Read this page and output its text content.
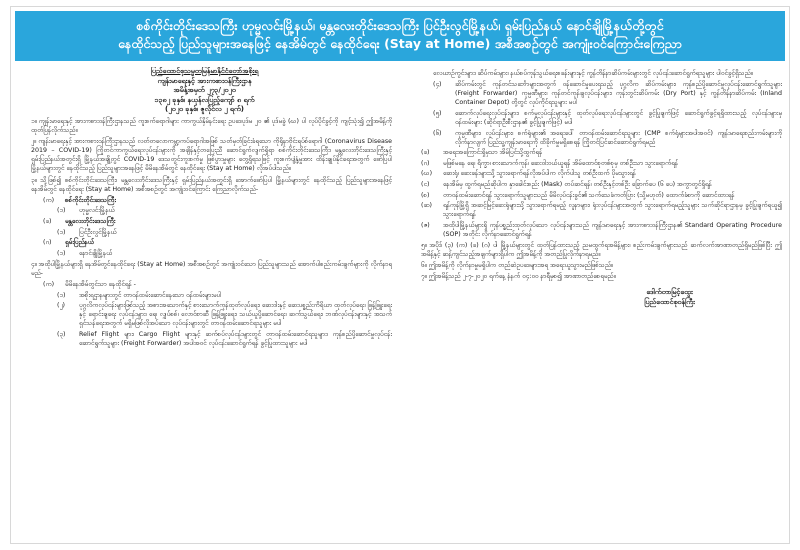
စစ်ကိုင်းတိုင်းဒေသကြီး ဟုမ္မလင်းမြို့နယ်၊ မန္တလေးတိုင်းဒေသကြီး ပြင်ဦးလွင်မြို့နယ်၊ ရှမ်းပြည်နယ် နောင်ချိုမြို့နယ်တို့တွင်
နေထိုင်သည့် ပြည်သူများအနေဖြင့် နေအိမ်တွင် နေထိုင်ရေး (Stay at Home) အစီအစဉ်တွင် အကျုံးဝင်ကြောင်းကြေညာ
ပြည်ထောင်စုသမ္မတမြန်မာနိုင်ငံတော်အစိုးရ
ကျန်းမာရေးနှင့် အားကစားဝန်ကြီးဌာန
အမိန့်အမှတ် ၂၇၃/၂၀၂၀
၁၃၈၂ ခုနှစ်၊ နယုန်လပြည့်ကျော် ၈ ရက်
(၂၀၂၀ ခုနှစ်၊ ဇူလိုင်လ ၂ ရက်)
၁။ ကျန်းမာရေးနှင့် အားကစားဝန်ကြီးဌာနသည် ကူးစက်ရောဂါများ ကာကွယ်နှိမ်နင်းရေး ဥပဒေပုဒ်မ ၂၀ ၏ ပုဒ်မခွဲ (ဃ) ပါ လုပ်ပိုင်ခွင့်ကို ကျင့်သုံး၍ ဤအမိန့်ကို ထုတ်ပြန်လိုက်သည်။
၂။ ကျန်းမာရေးနှင့် အားကစားဝန်ကြီးဌာနသည် လတ်တလောကမ္ဘာ့ကပ်ရောဂါအဖြစ် သတ်မှတ်ခြင်းခံရသော ကိုရိုနာဗိုင်းရပ်စ်ရောဂါ (Coronavirus Disease 2019 – COVID-19) ကြိုတင်ကာကွယ်ရေးလုပ်ငန်းများကို အချိန်နှင့်တပြေးညီ ဆောင်ရွက်လျက်ရှိရာ စစ်ကိုင်းတိုင်းဒေသကြီး၊ မန္တလေးတိုင်းဒေသကြီးနှင့် ရှမ်းပြည်နယ်အတွင်းရှိ မြို့နယ်အချို့တွင် COVID-19 ဒေသတွင်းကူးစက်မှု ဖြစ်ပွားမှုများ တွေ့ရှိရသဖြင့် ကူးစက်ပျံ့နှံ့မှုအား ထိန်းချုပ်နိုင်ရေးအတွက် ဖော်ပြပါ မြို့နယ်များတွင် နေထိုင်သည့် ပြည်သူများအနေဖြင့် မိမိနေအိမ်တွင် နေထိုင်ရေး (Stay at Home) လိုအပ်ပါသည်။
၃။ သို့ဖြစ်၍ စစ်ကိုင်းတိုင်းဒေသကြီး၊ မန္တလေးတိုင်းဒေသကြီးနှင့် ရှမ်းပြည်နယ်အတွင်းရှိ အောက်ဖော်ပြပါ မြို့နယ်များတွင် နေထိုင်သည့် ပြည်သူများအနေဖြင့် နေအိမ်တွင် နေထိုင်ရေး (Stay at Home) အစီအစဉ်တွင် အကျုံးဝင်ကြောင်း ကြေညာလိုက်သည်-
(က)	စစ်ကိုင်းတိုင်းဒေသကြီး
(၁)	ဟုမ္မလင်းမြို့နယ်
(ခ)	မန္တလေးတိုင်းဒေသကြီး
(၁)	ပြင်ဦးလွင်မြို့နယ်
(ဂ)	ရှမ်းပြည်နယ်
(၁)	နောင်ချိုမြို့နယ်
၄။ အထိုပါမြို့နယ်များရှိ နေအိမ်တွင်နေထိုင်ရေး (Stay at Home) အစီအစဉ်တွင် အကျုံးဝင်သော ပြည်သူများသည် အောက်ပါစည်းကမ်းချက်များကို လိုက်နာရမည်-
(က)	မိမိနေအိမ်တွင်သာ နေထိုင်ရန် -
(၁)	အစိုးရဌာနများတွင် တာဝန်ထမ်းဆောင်နေသော ဝန်ထမ်းများမပါ
(၂)	ပုဂ္ဂလိကလုပ်ငန်းများဖြစ်သည့် အစားအသောက်နှင့် စားသောက်ကုန်ထုတ်လုပ်ရေး၊ ဆေးဝါးနှင့် ဆေးပစ္စည်းကိရိယာ ထုတ်လုပ်ရေး၊ ဖြန့်ဖြူးရေးနှင့် ရောင်းချရေး လုပ်ငန်းများ၊ ရေ၊ လျှပ်စစ်၊ လောင်စာဆီ ဖြန့်ဖြူးရေး၊ သယ်ယူပို့ဆောင်ရေး၊ ဆက်သွယ်ရေး၊ ဘဏ်လုပ်ငန်းများနှင့် အသက်ရှင်သန်ရေးအတွက် မရှိမဖြစ်လိုအပ်သော လုပ်ငန်းများတွင် တာဝန်ထမ်းဆောင်ရသူများ မပါ
(၃)	Relief Flight များ၊ Cargo Flight များနှင့် ဆက်စပ်လုပ်ငန်းများတွင် တာဝန်ထမ်းဆောင်ရသူများ၊ ကုန်စည်ပို့ဆောင်မှုလုပ်ငန်းဆောင်ရွက်သူများ (Freight Forwarder) အပါအဝင် လုပ်ငန်းဆောင်ရွက်ရန် ခွင့်ပြုထားသူများ မပါ
လေယာဉ်ကွင်းများ၊ ဆိပ်ကမ်းများ၊ နယ်စပ်ကုန်သွယ်ရေးစခန်းများနှင့် ကွန်တိန်နာဆိပ်ကမ်းများတွင် လုပ်ငန်းဆောင်ရွက်ရသူများ ပါဝင်ခွင့်ရှိသည်။
(၄)	ဆိပ်ကမ်းတွင် ကုန်တင်သင်္ဘောများအတွက် ဝန်ဆောင်မှုပေးရသည့် ပုဂ္ဂလိက ဆိပ်ကမ်းများ၊ ကုန်စည်ပို့ဆောင်မှုလုပ်ငန်းဆောင်ရွက်သူများ (Freight Forwarder) ကုမ္ပဏီများ၊ ကုန်တင်ကုန်ချလုပ်ငန်းများ၊ ကုန်းတွင်းဆိပ်ကမ်း (Dry Port) နှင့် ကွန်တိန်နာဆိပ်ကမ်း (Inland Container Depot) တို့တွင် လုပ်ကိုင်ရသူများ မပါ
(၅)	ဆောက်လုပ်ရေးလုပ်ငန်းများ၊ စက်မှုလုပ်ငန်းများနှင့် ထုတ်လုပ်ရေးလုပ်ငန်းများတွင် ခွင့်ပြုချက်ဖြင့် ဆောင်ရွက်ခွင့်ရရှိထားသည့် လုပ်ငန်းများမှ ဝန်ထမ်းများ (ဆိုင်ရာဦးစီးဌာန၏ ခွင့်ပြုချက်ဖြင့်) မပါ
(၆)	ကုမ္ပဏီများ၊ လုပ်ငန်းများ၊ စက်ရုံများ၏ အရေးပေါ် တာဝန်ထမ်းဆောင်ရသူများ (CMP စက်ရုံများအပါအဝင်) ကျန်းမာရေးစည်းကမ်းများကို လိုက်နာလျက် ပြည်သူ့ကျန်းမာရေးကို ထိခိုက်မှုမရှိစေရန် ကြိုတင်ပြင်ဆင်ဆောင်ရွက်ရမည်
(ခ)	အရေးအကြောင်းရှိမှသာ အိမ်ပြင်သို့ထွက်ရန်
(ဂ)	မဖြစ်မနေ ရေ၊ ရိက္ခာ၊ စားသောက်ကုန်၊ ဆေးဝါးဝယ်ယူရန် အိမ်ထောင်စုတစ်စုမှ တစ်ဦးသာ သွားရောက်ရန်
(ဃ)	ဆေးရုံ၊ ဆေးခန်းများသို့ သွားရောက်ရန်လိုအပ်ပါက လိုက်ပါသူ တစ်ဦးထက် ပိုမသွားရန်
(င)	နေအိမ်မှ ထွက်ရမည်ဆိုပါက နှာခေါင်းစည်း (Mask) တပ်ဆင်ရန်၊ တစ်ဦးနှင့်တစ်ဦး ခြောက်ပေ (၆ ပေ) အကွာတွင်ရှိရန်
(စ)	တာဝန်ထမ်းဆောင်ရန် သွားရောက်သူများသည် မိမိလုပ်ငန်းခွင်၏ သက်သေခံကတ်ပြား (သို့မဟုတ်) ထောက်ခံစာကို ဆောင်ထားရန်
(ဆ)	ရန်ကုန်မြို့ရှိ အဆင့်မြင့်ဆေးရုံများသို့ သွားရောက်ရမည့် လူနာများ၊ ရုံးလုပ်ငန်းများအတွက် သွားရောက်ရမည့်သူများ သက်ဆိုင်ရာဌာနမှ ခွင့်ပြုချက်ရယူ၍ သွားရောက်ရန်
(ဇ)	အထိုပါမြို့နယ်များရှိ ကုန်ပစ္စည်းထုတ်လုပ်သော လုပ်ငန်းများသည် ကျန်းမာရေးနှင့် အားကစားဝန်ကြီးဌာန၏ Standard Operating Procedure (SOP) အတိုင်း လိုက်နာဆောင်ရွက်ရန်
၅။ အပိုဒ် (၃) (က) (ခ) (ဂ) ပါ မြို့နယ်များတွင် ထုတ်ပြန်ထားသည့် ညမထွက်ရအမိန့်များ၊ စည်းကမ်းချက်များသည် ဆက်လက်အာဏာတည်ရှိမည်ဖြစ်ပြီး ဤအမိန့်နှင့် ဆန့်ကျင်သည့်အချက်များရှိပါက ဤအမိန့်ကို အတည်ပြုလိုက်နာရမည်။
၆။ ဤအမိန့်ကို လိုက်နာမှုမရှိပါက တည်ဆဲဥပဒေများအရ အရေးယူသွားမည်ဖြစ်သည်။
၇။ ဤအမိန့်သည် ၂-၇-၂၀၂၀ ရက်နေ့ နံနက် ၀၄:၀၀ နာရီမှစ၍ အာဏာတည်စေရမည်။
ဒေါက်တာမြင့်ထွေး
ပြည်ထောင်စုဝန်ကြီး
